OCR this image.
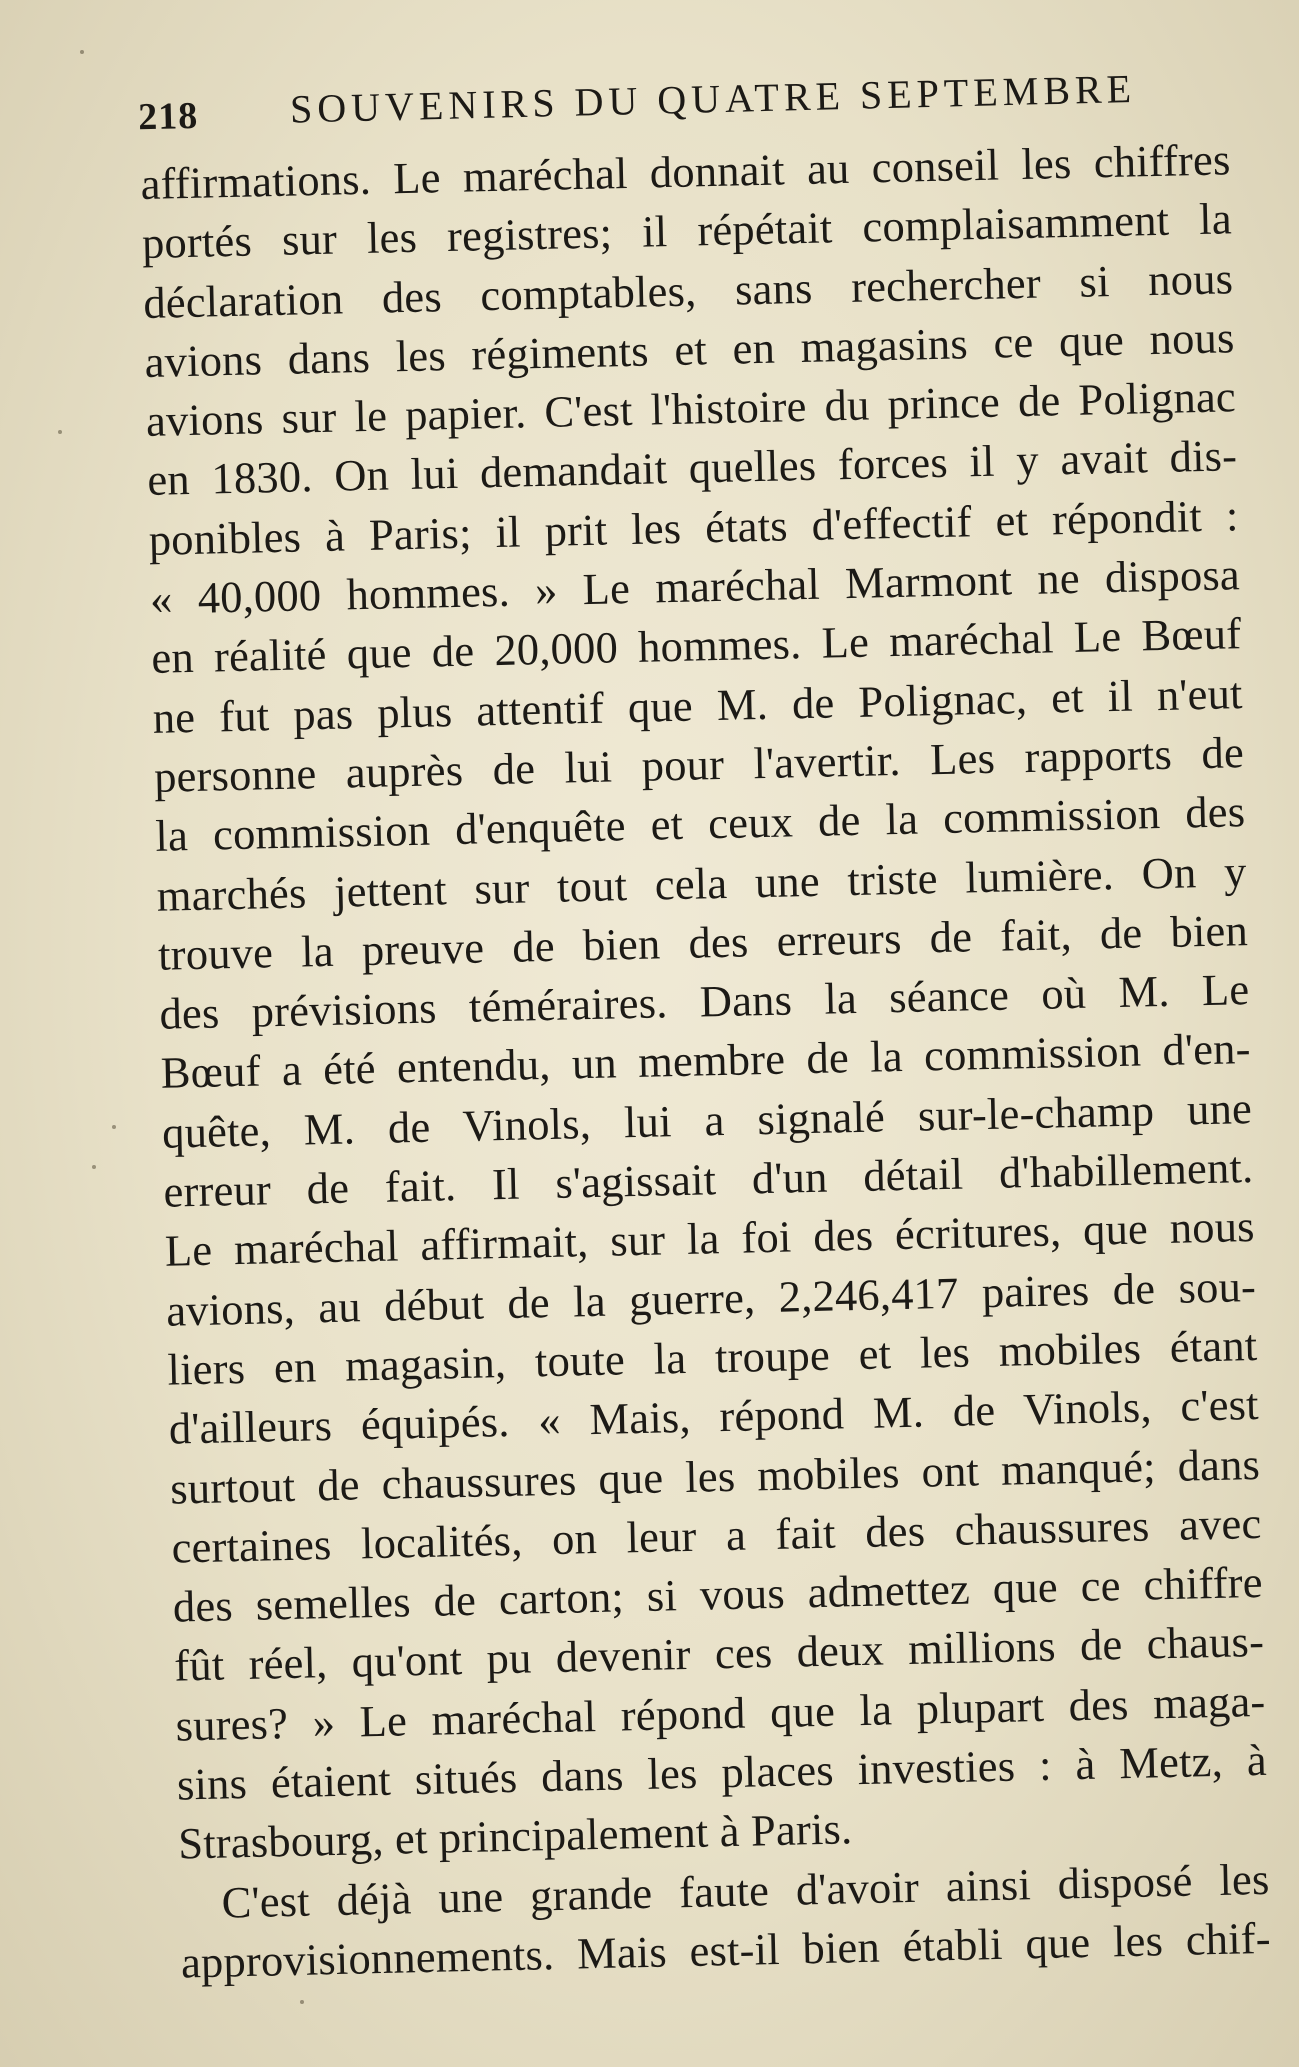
218 SOUVENIRS DU QUATRE SEPTEMBRE
affirmations. Le maréchal donnait au conseil les chiffres
portés sur les registres; il répétait complaisamment la
déclaration des comptables, sans rechercher si nous
avions dans les régiments et en magasins ce que nous
avions sur le papier. C'est l'histoire du prince de Polignac
en 1830. On lui demandait quelles forces il y avait dis-
ponibles à Paris; il prit les états d'effectif et répondit :
« 40,000 hommes. » Le maréchal Marmont ne disposa
en réalité que de 20,000 hommes. Le maréchal Le Bœuf
ne fut pas plus attentif que M. de Polignac, et il n'eut
personne auprès de lui pour l'avertir. Les rapports de
la commission d'enquête et ceux de la commission des
marchés jettent sur tout cela une triste lumière. On y
trouve la preuve de bien des erreurs de fait, de bien
des prévisions téméraires. Dans la séance où M. Le
Bœuf a été entendu, un membre de la commission d'en-
quête, M. de Vinols, lui a signalé sur-le-champ une
erreur de fait. Il s'agissait d'un détail d'habillement.
Le maréchal affirmait, sur la foi des écritures, que nous
avions, au début de la guerre, 2,246,417 paires de sou-
liers en magasin, toute la troupe et les mobiles étant
d'ailleurs équipés. « Mais, répond M. de Vinols, c'est
surtout de chaussures que les mobiles ont manqué; dans
certaines localités, on leur a fait des chaussures avec
des semelles de carton; si vous admettez que ce chiffre
fût réel, qu'ont pu devenir ces deux millions de chaus-
sures? » Le maréchal répond que la plupart des maga-
sins étaient situés dans les places investies : à Metz, à
Strasbourg, et principalement à Paris.
C'est déjà une grande faute d'avoir ainsi disposé les
approvisionnements. Mais est-il bien établi que les chif-
